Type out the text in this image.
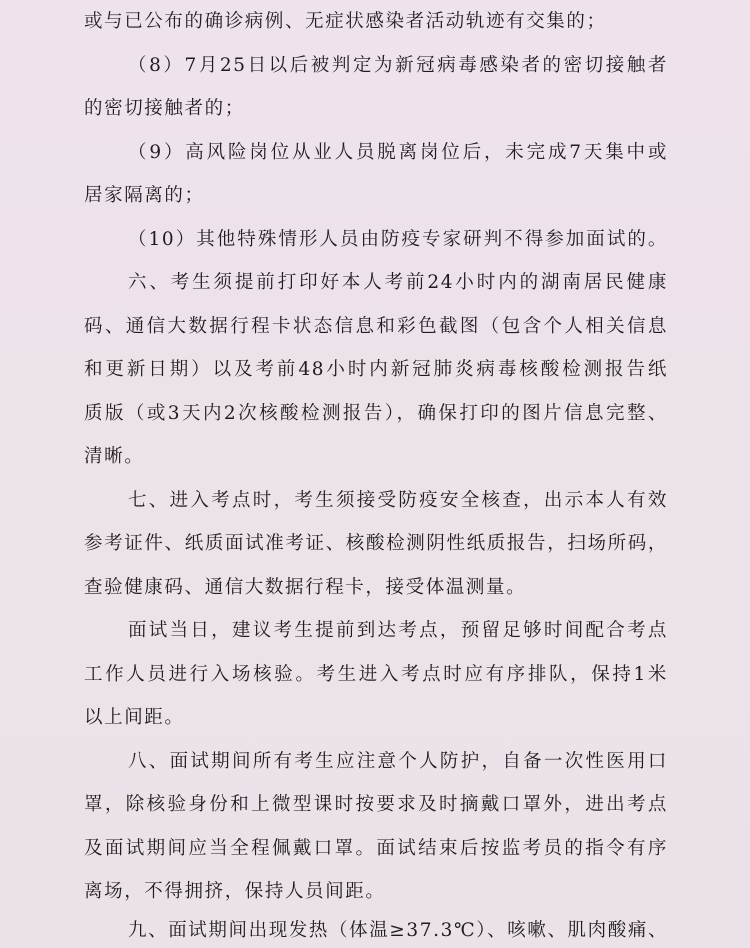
或与已公布的确诊病例、无症状感染者活动轨迹有交集的；
（8）7月25日以后被判定为新冠病毒感染者的密切接触者
的密切接触者的；
（9）高风险岗位从业人员脱离岗位后，未完成7天集中或
居家隔离的；
（10）其他特殊情形人员由防疫专家研判不得参加面试的。
六、考生须提前打印好本人考前24小时内的湖南居民健康
码、通信大数据行程卡状态信息和彩色截图（包含个人相关信息
和更新日期）以及考前48小时内新冠肺炎病毒核酸检测报告纸
质版（或3天内2次核酸检测报告），确保打印的图片信息完整、
清晰。
七、进入考点时，考生须接受防疫安全核查，出示本人有效
参考证件、纸质面试准考证、核酸检测阴性纸质报告，扫场所码，
查验健康码、通信大数据行程卡，接受体温测量。
面试当日，建议考生提前到达考点，预留足够时间配合考点
工作人员进行入场核验。考生进入考点时应有序排队，保持1米
以上间距。
八、面试期间所有考生应注意个人防护，自备一次性医用口
罩，除核验身份和上微型课时按要求及时摘戴口罩外，进出考点
及面试期间应当全程佩戴口罩。面试结束后按监考员的指令有序
离场，不得拥挤，保持人员间距。
九、面试期间出现发热（体温≥37.3℃）、咳嗽、肌肉酸痛、
